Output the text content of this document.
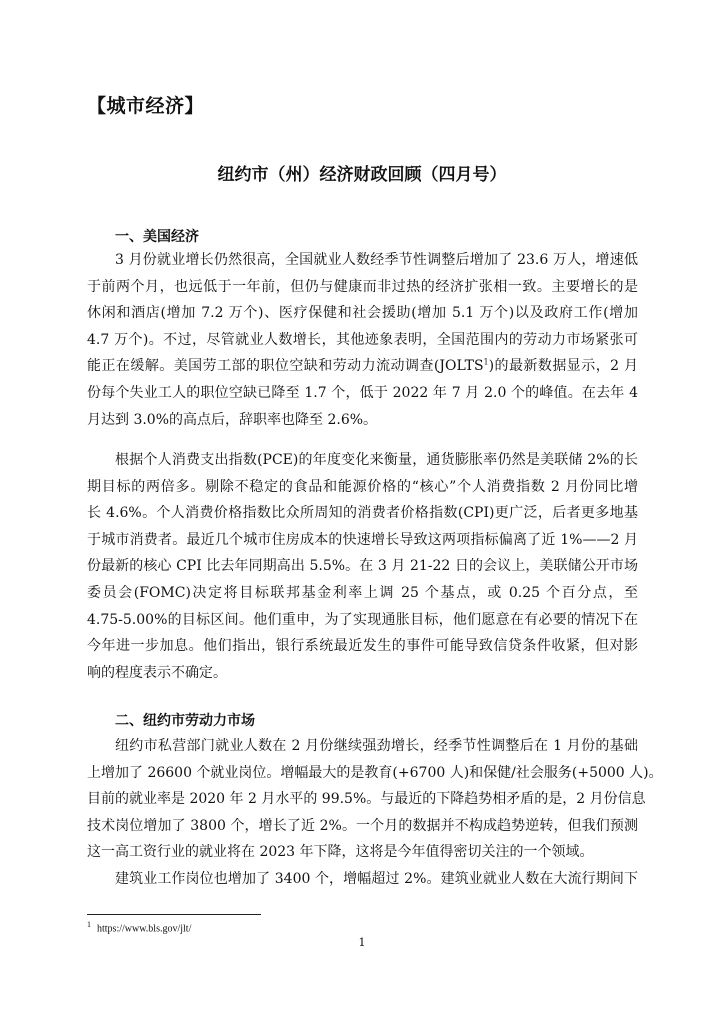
【城市经济】
纽约市（州）经济财政回顾（四月号）
一、美国经济

3 月份就业增长仍然很高，全国就业人数经季节性调整后增加了 23.6 万人，增速低
于前两个月，也远低于一年前，但仍与健康而非过热的经济扩张相一致。主要增长的是
休闲和酒店(增加 7.2 万个)、医疗保健和社会援助(增加 5.1 万个)以及政府工作(增加
4.7 万个)。不过，尽管就业人数增长，其他迹象表明，全国范围内的劳动力市场紧张可
能正在缓解。美国劳工部的职位空缺和劳动力流动调查(JOLTS$^1$)的最新数据显示，2 月
份每个失业工人的职位空缺已降至 1.7 个，低于 2022 年 7 月 2.0 个的峰值。在去年 4
月达到 3.0%的高点后，辞职率也降至 2.6%。

根据个人消费支出指数(PCE)的年度变化来衡量，通货膨胀率仍然是美联储 2%的长
期目标的两倍多。剔除不稳定的食品和能源价格的“核心”个人消费指数 2 月份同比增
长 4.6%。个人消费价格指数比众所周知的消费者价格指数(CPI)更广泛，后者更多地基
于城市消费者。最近几个城市住房成本的快速增长导致这两项指标偏离了近 1%——2 月
份最新的核心 CPI 比去年同期高出 5.5%。在 3 月 21-22 日的会议上，美联储公开市场
委员会(FOMC)决定将目标联邦基金利率上调 25 个基点，或 0.25 个百分点，至
4.75-5.00%的目标区间。他们重申，为了实现通胀目标，他们愿意在有必要的情况下在
今年进一步加息。他们指出，银行系统最近发生的事件可能导致信贷条件收紧，但对影
响的程度表示不确定。

二、纽约市劳动力市场

纽约市私营部门就业人数在 2 月份继续强劲增长，经季节性调整后在 1 月份的基础
上增加了 26600 个就业岗位。增幅最大的是教育(+6700 人)和保健/社会服务(+5000 人)。
目前的就业率是 2020 年 2 月水平的 99.5%。与最近的下降趋势相矛盾的是，2 月份信息
技术岗位增加了 3800 个，增长了近 2%。一个月的数据并不构成趋势逆转，但我们预测
这一高工资行业的就业将在 2023 年下降，这将是今年值得密切关注的一个领域。

建筑业工作岗位也增加了 3400 个，增幅超过 2%。建筑业就业人数在大流行期间下

$^1$ https://www.bls.gov/jlt/
1
